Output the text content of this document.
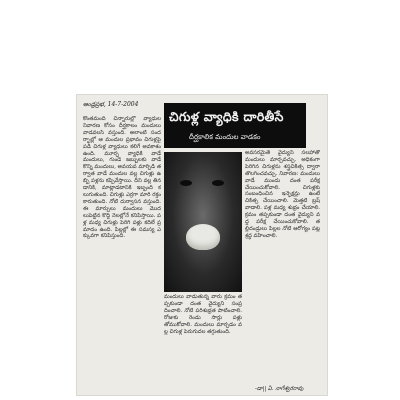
ఆంధ్రప్రభ, 14-7-2004
చిగుళ్ల వ్యాధికి దారితీసే
దీర్ఘకాలిక మందుల వాడకం
కొంతమంది చిన్నారుల్లో వ్యాధుల నివారణ కోసం దీర్ఘకాలం మందులు వాడవలసి వస్తుంది. అలాంటి సందర్భాల్లో ఆ మందుల ప్రభావం చిగుళ్లపై పడి చిగుళ్ల వ్యాధులు కలిగే అవకాశం ఉంది. మూర్ఛ వ్యాధికి వాడే మందులు, గుండె జబ్బులకు వాడే కొన్ని మందులు, అవయవ మార్పిడి తర్వాత వాడే మందుల వల్ల చిగుళ్లు ఉబ్బి పళ్లను కప్పివేస్తాయి. దీని వల్ల తినడానికి, మాట్లాడటానికి ఇబ్బంది కలుగుతుంది. చిగుళ్లు ఎర్రగా మారి రక్తం కారుతుంది. నోటి దుర్వాసన వస్తుంది. ఈ మార్పులు మందులు మొదలుపెట్టిన కొద్ది నెలల్లోనే కనిపిస్తాయి. పళ్ల మధ్య చిగుళ్లు పెరిగి పళ్లు కదిలే ప్రమాదం ఉంది. పిల్లల్లో ఈ సమస్య ఎక్కువగా కనిపిస్తుంది.
మందులు వాడుతున్న వారు క్రమం తప్పకుండా దంత వైద్యుని సంప్రదించాలి. నోటి పరిశుభ్రత పాటించాలి. రోజుకు రెండు సార్లు పళ్లు తోముకోవాలి. మందులు మార్చడం వల్ల చిగుళ్ల పెరుగుదల తగ్గుతుంది.
అవసరమైతే వైద్యుని సలహాతో మందులు మార్చవచ్చు. అధికంగా పెరిగిన చిగుళ్లను శస్త్రచికిత్స ద్వారా తొలగించవచ్చు. నివారణ: మందులు వాడే ముందు దంత పరీక్ష చేయించుకోవాలి. చిగుళ్లకు సంబంధించిన ఇన్ఫెక్షన్లు ఉంటే చికిత్స చేయించాలి. మెత్తటి బ్రష్ వాడాలి. పళ్ల మధ్య శుభ్రం చేయాలి. క్రమం తప్పకుండా దంత వైద్యుని వద్ద పరీక్ష చేయించుకోవాలి. తల్లిదండ్రులు పిల్లల నోటి ఆరోగ్యం పట్ల శ్రద్ధ వహించాలి.
-డా|| ఏ. నాగేశ్వరరావు
